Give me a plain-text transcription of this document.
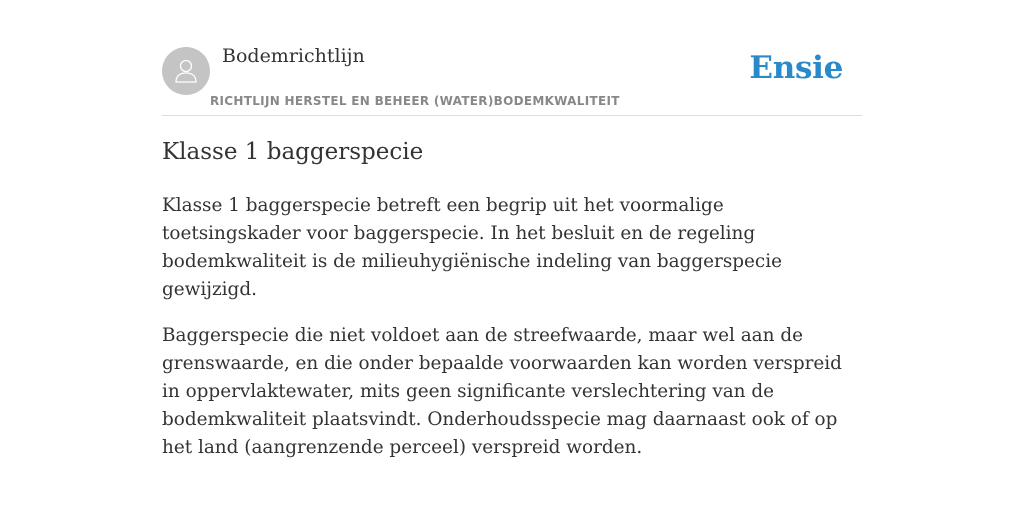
Bodemrichtlijn
RICHTLIJN HERSTEL EN BEHEER (WATER)BODEMKWALITEIT
Ensie
Klasse 1 baggerspecie

Klasse 1 baggerspecie betreft een begrip uit het voormalige toetsingskader voor baggerspecie. In het besluit en de regeling bodemkwaliteit is de milieuhygiënische indeling van baggerspecie gewijzigd.

Baggerspecie die niet voldoet aan de streefwaarde, maar wel aan de grenswaarde, en die onder bepaalde voorwaarden kan worden verspreid in oppervlaktewater, mits geen significante verslechtering van de bodemkwaliteit plaatsvindt. Onderhoudsspecie mag daarnaast ook of op het land (aangrenzende perceel) verspreid worden.
